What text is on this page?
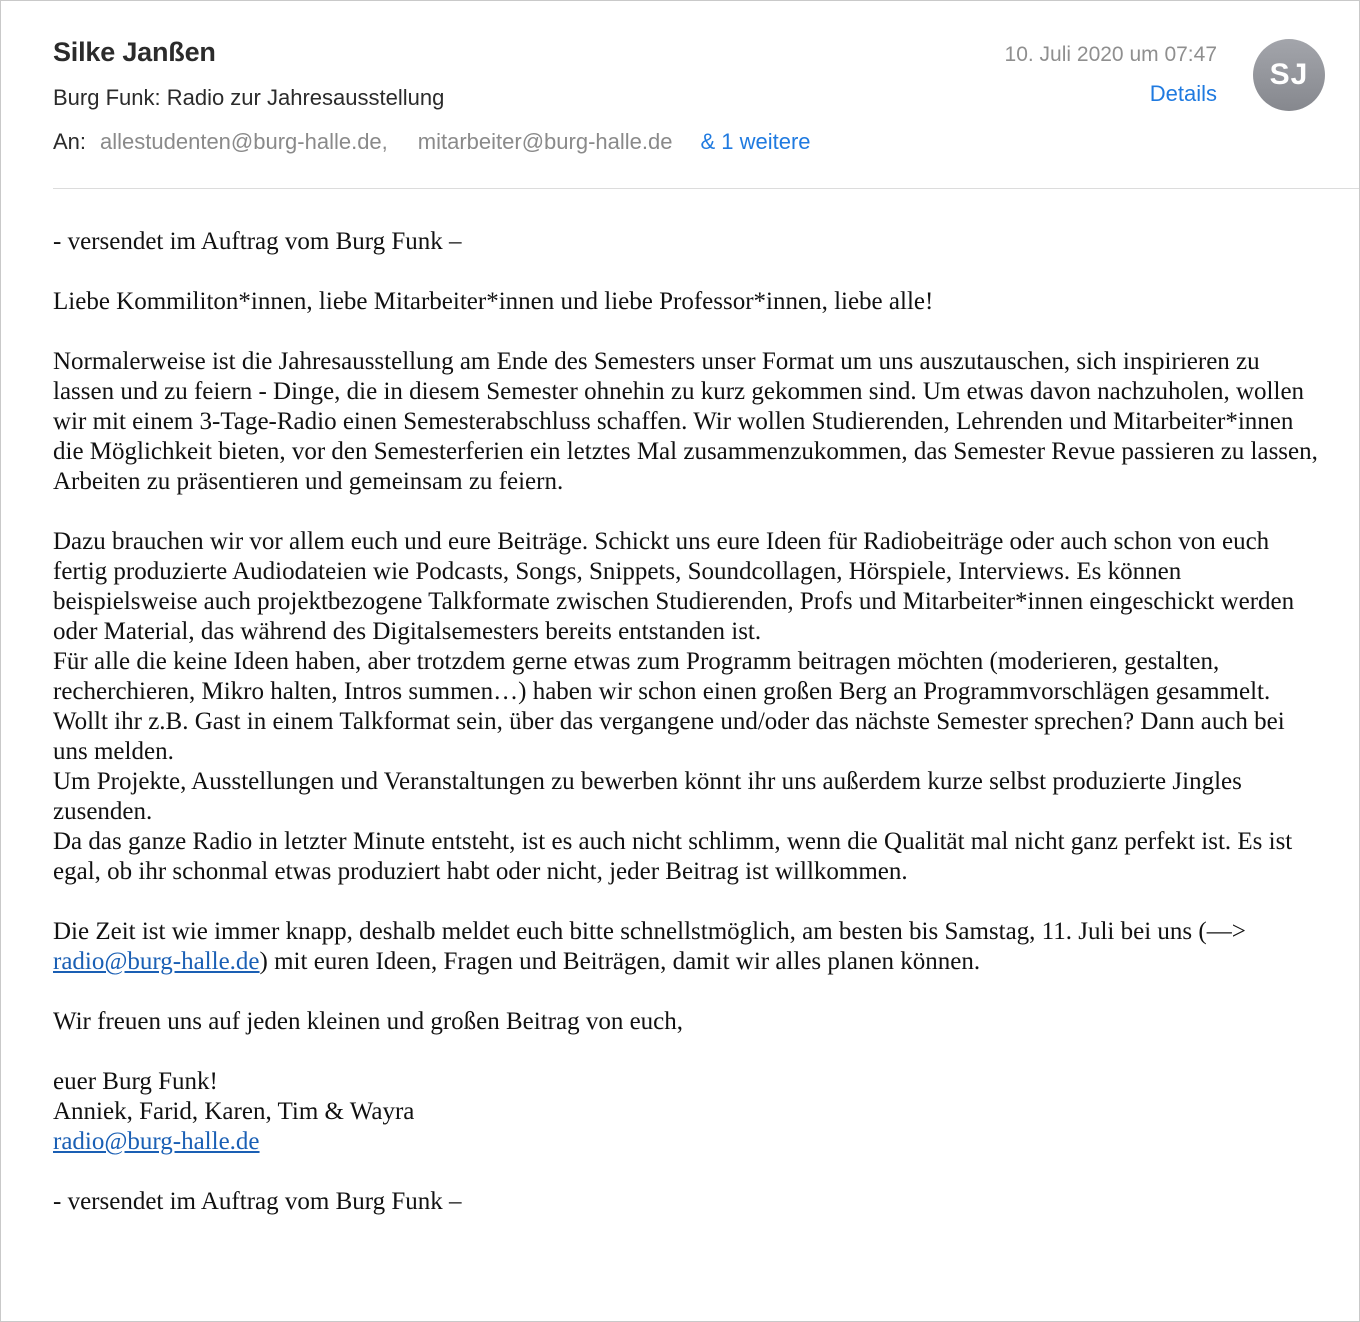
Silke Janßen
Burg Funk: Radio zur Jahresausstellung
An: allestudenten@burg-halle.de, mitarbeiter@burg-halle.de & 1 weitere
10. Juli 2020 um 07:47
Details
SJ

- versendet im Auftrag vom Burg Funk –

Liebe Kommiliton*innen, liebe Mitarbeiter*innen und liebe Professor*innen, liebe alle!

Normalerweise ist die Jahresausstellung am Ende des Semesters unser Format um uns auszutauschen, sich inspirieren zu lassen und zu feiern - Dinge, die in diesem Semester ohnehin zu kurz gekommen sind. Um etwas davon nachzuholen, wollen wir mit einem 3-Tage-Radio einen Semesterabschluss schaffen. Wir wollen Studierenden, Lehrenden und Mitarbeiter*innen die Möglichkeit bieten, vor den Semesterferien ein letztes Mal zusammenzukommen, das Semester Revue passieren zu lassen, Arbeiten zu präsentieren und gemeinsam zu feiern.

Dazu brauchen wir vor allem euch und eure Beiträge. Schickt uns eure Ideen für Radiobeiträge oder auch schon von euch fertig produzierte Audiodateien wie Podcasts, Songs, Snippets, Soundcollagen, Hörspiele, Interviews. Es können beispielsweise auch projektbezogene Talkformate zwischen Studierenden, Profs und Mitarbeiter*innen eingeschickt werden oder Material, das während des Digitalsemesters bereits entstanden ist.

Für alle die keine Ideen haben, aber trotzdem gerne etwas zum Programm beitragen möchten (moderieren, gestalten, recherchieren, Mikro halten, Intros summen…) haben wir schon einen großen Berg an Programmvorschlägen gesammelt. Wollt ihr z.B. Gast in einem Talkformat sein, über das vergangene und/oder das nächste Semester sprechen? Dann auch bei uns melden.

Um Projekte, Ausstellungen und Veranstaltungen zu bewerben könnt ihr uns außerdem kurze selbst produzierte Jingles zusenden.

Da das ganze Radio in letzter Minute entsteht, ist es auch nicht schlimm, wenn die Qualität mal nicht ganz perfekt ist. Es ist egal, ob ihr schonmal etwas produziert habt oder nicht, jeder Beitrag ist willkommen.

Die Zeit ist wie immer knapp, deshalb meldet euch bitte schnellstmöglich, am besten bis Samstag, 11. Juli bei uns (—> radio@burg-halle.de) mit euren Ideen, Fragen und Beiträgen, damit wir alles planen können.

Wir freuen uns auf jeden kleinen und großen Beitrag von euch,

euer Burg Funk!

Anniek, Farid, Karen, Tim & Wayra

radio@burg-halle.de

- versendet im Auftrag vom Burg Funk –
